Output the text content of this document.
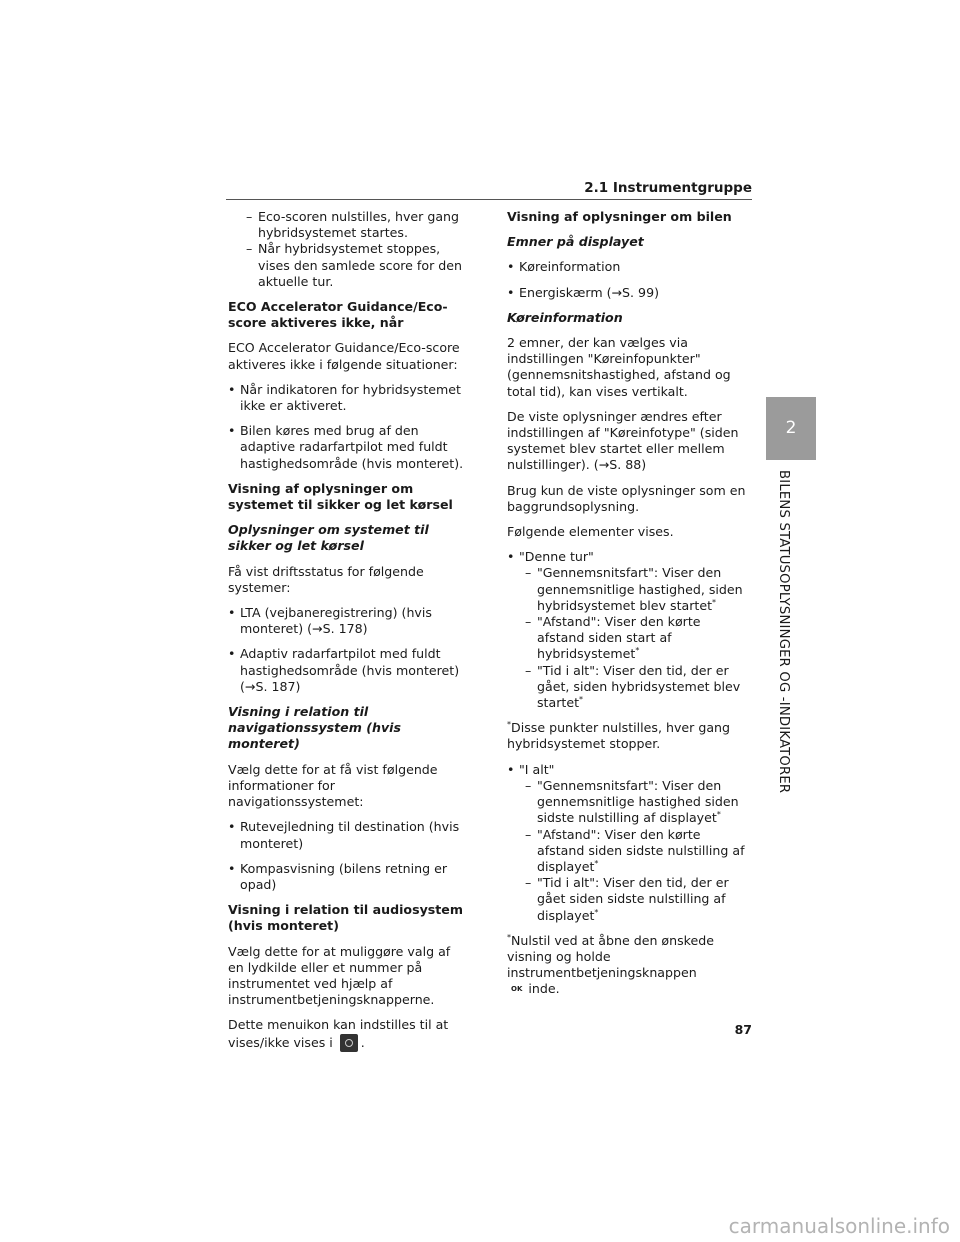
2.1 Instrumentgruppe

– Eco-scoren nulstilles, hver gang hybridsystemet startes.

– Når hybridsystemet stoppes, vises den samlede score for den aktuelle tur.

ECO Accelerator Guidance/Eco-score aktiveres ikke, når

ECO Accelerator Guidance/Eco-score aktiveres ikke i følgende situationer:

• Når indikatoren for hybridsystemet ikke er aktiveret.

• Bilen køres med brug af den adaptive radarfartpilot med fuldt hastighedsområde (hvis monteret).

Visning af oplysninger om systemet til sikker og let kørsel

Oplysninger om systemet til sikker og let kørsel

Få vist driftsstatus for følgende systemer:

• LTA (vejbaneregistrering) (hvis monteret) (→S. 178)

• Adaptiv radarfartpilot med fuldt hastighedsområde (hvis monteret) (→S. 187)

Visning i relation til navigationssystem (hvis monteret)

Vælg dette for at få vist følgende informationer for navigationssystemet:

• Rutevejledning til destination (hvis monteret)

• Kompasvisning (bilens retning er opad)

Visning i relation til audiosystem (hvis monteret)

Vælg dette for at muliggøre valg af en lydkilde eller et nummer på instrumentet ved hjælp af instrumentbetjeningsknapperne.

Dette menuikon kan indstilles til at vises/ikke vises i .

Visning af oplysninger om bilen

Emner på displayet

• Køreinformation

• Energiskærm (→S. 99)

Køreinformation

2 emner, der kan vælges via indstillingen "Køreinfopunkter" (gennemsnitshastighed, afstand og total tid), kan vises vertikalt.

De viste oplysninger ændres efter indstillingen af "Køreinfotype" (siden systemet blev startet eller mellem nulstillinger). (→S. 88)

Brug kun de viste oplysninger som en baggrundsoplysning.

Følgende elementer vises.

• "Denne tur"

– "Gennemsnitsfart": Viser den gennemsnitlige hastighed, siden hybridsystemet blev startet*

– "Afstand": Viser den kørte afstand siden start af hybridsystemet*

– "Tid i alt": Viser den tid, der er gået, siden hybridsystemet blev startet*

*Disse punkter nulstilles, hver gang hybridsystemet stopper.

• "I alt"

– "Gennemsnitsfart": Viser den gennemsnitlige hastighed siden sidste nulstilling af displayet*

– "Afstand": Viser den kørte afstand siden sidste nulstilling af displayet*

– "Tid i alt": Viser den tid, der er gået siden sidste nulstilling af displayet*

*Nulstil ved at åbne den ønskede visning og holde instrumentbetjeningsknappen
OK inde.

2
BILENS STATUSOPLYSNINGER OG -INDIKATORER
87
carmanualsonline.info
